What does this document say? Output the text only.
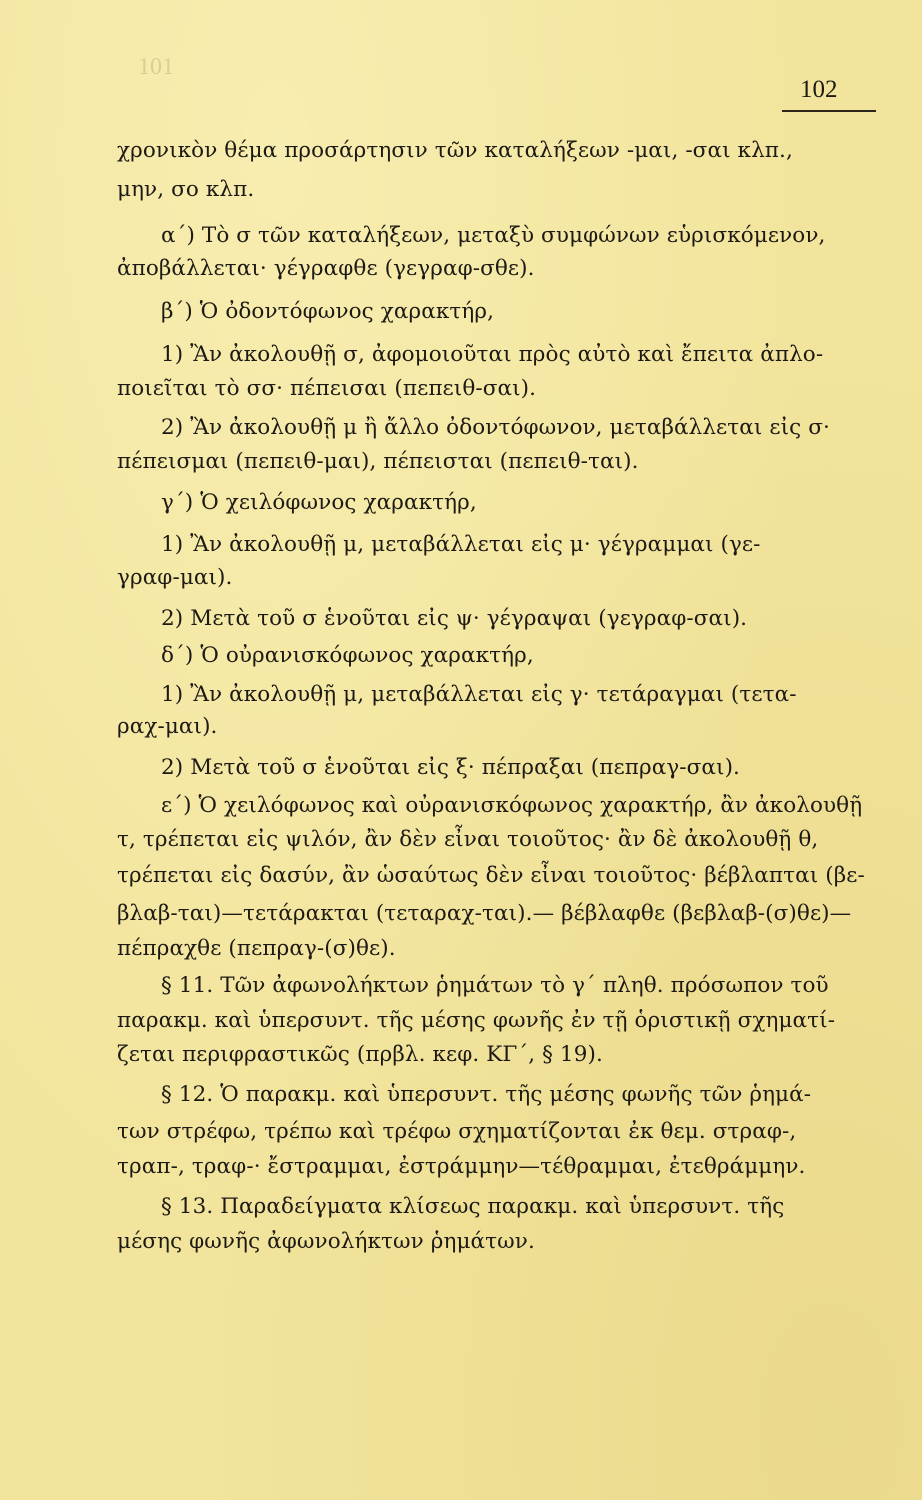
101
102
χρονικὸν θέμα προσάρτησιν τῶν καταλήξεων -μαι, -σαι κλπ.,
μην, σο κλπ.
α΄) Τὸ σ τῶν καταλήξεων, μεταξὺ συμφώνων εὑρισκόμενον,
ἀποβάλλεται· γέγραφθε (γεγραφ-σθε).
β΄) Ὁ ὀδοντόφωνος χαρακτήρ,
1) Ἂν ἀκολουθῇ σ, ἀφομοιοῦται πρὸς αὐτὸ καὶ ἔπειτα ἀπλο-
ποιεῖται τὸ σσ· πέπεισαι (πεπειθ-σαι).
2) Ἂν ἀκολουθῇ μ ἢ ἄλλο ὀδοντόφωνον, μεταβάλλεται εἰς σ·
πέπεισμαι (πεπειθ-μαι), πέπεισται (πεπειθ-ται).
γ΄) Ὁ χειλόφωνος χαρακτήρ,
1) Ἂν ἀκολουθῇ μ, μεταβάλλεται εἰς μ· γέγραμμαι (γε-
γραφ-μαι).
2) Μετὰ τοῦ σ ἑνοῦται εἰς ψ· γέγραψαι (γεγραφ-σαι).
δ΄) Ὁ οὐρανισκόφωνος χαρακτήρ,
1) Ἂν ἀκολουθῇ μ, μεταβάλλεται εἰς γ· τετάραγμαι (τετα-
ραχ-μαι).
2) Μετὰ τοῦ σ ἑνοῦται εἰς ξ· πέπραξαι (πεπραγ-σαι).
ε΄) Ὁ χειλόφωνος καὶ οὐρανισκόφωνος χαρακτήρ, ἂν ἀκολουθῇ
τ, τρέπεται εἰς ψιλόν, ἂν δὲν εἶναι τοιοῦτος· ἂν δὲ ἀκολουθῇ θ,
τρέπεται εἰς δασύν, ἂν ὡσαύτως δὲν εἶναι τοιοῦτος· βέβλαπται (βε-
βλαβ-ται)—τετάρακται (τεταραχ-ται).— βέβλαφθε (βεβλαβ-(σ)θε)—
πέπραχθε (πεπραγ-(σ)θε).
§ 11. Τῶν ἀφωνολήκτων ῥημάτων τὸ γ΄ πληθ. πρόσωπον τοῦ
παρακμ. καὶ ὑπερσυντ. τῆς μέσης φωνῆς ἐν τῇ ὁριστικῇ σχηματί-
ζεται περιφραστικῶς (πρβλ. κεφ. ΚΓ΄, § 19).
§ 12. Ὁ παρακμ. καὶ ὑπερσυντ. τῆς μέσης φωνῆς τῶν ῥημά-
των στρέφω, τρέπω καὶ τρέφω σχηματίζονται ἐκ θεμ. στραφ-,
τραπ-, τραφ-· ἔστραμμαι, ἐστράμμην—τέθραμμαι, ἐτεθράμμην.
§ 13. Παραδείγματα κλίσεως παρακμ. καὶ ὑπερσυντ. τῆς
μέσης φωνῆς ἀφωνολήκτων ῥημάτων.
